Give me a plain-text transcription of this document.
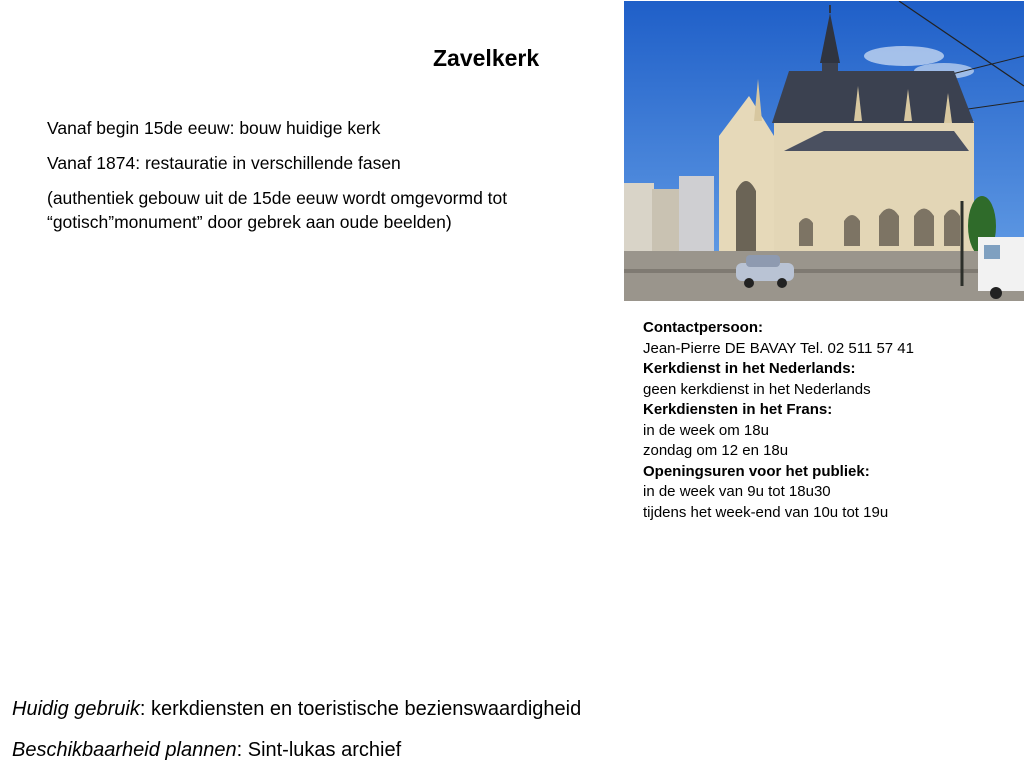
Zavelkerk
Vanaf begin 15de eeuw: bouw huidige kerk
Vanaf 1874: restauratie in verschillende fasen
(authentiek gebouw uit de 15de eeuw wordt omgevormd tot “gotisch”monument” door gebrek aan oude beelden)
Contactpersoon:
Jean-Pierre DE BAVAY Tel. 02 511 57 41
Kerkdienst in het Nederlands:
geen kerkdienst in het Nederlands
Kerkdiensten in het Frans:
in de week om 18u
zondag om 12 en 18u
Openingsuren voor het publiek:
in de week van 9u tot 18u30
tijdens het week-end van 10u tot 19u
Huidig gebruik: kerkdiensten en toeristische bezienswaardigheid
Beschikbaarheid plannen: Sint-lukas archief
